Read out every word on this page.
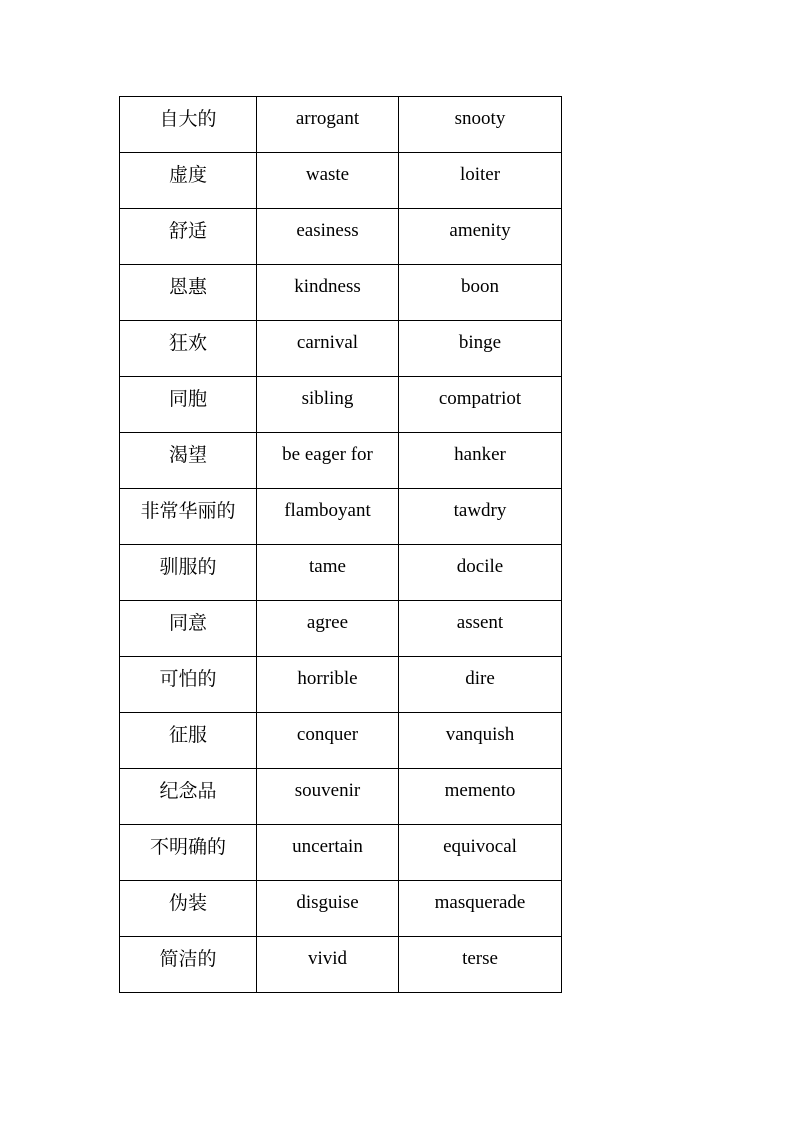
自大的	arrogant	snooty

虚度	waste	loiter

舒适	easiness	amenity

恩惠	kindness	boon

狂欢	carnival	binge

同胞	sibling	compatriot

渴望	be eager for	hanker

非常华丽的	flamboyant	tawdry

驯服的	tame	docile

同意	agree	assent

可怕的	horrible	dire

征服	conquer	vanquish

纪念品	souvenir	memento

不明确的	uncertain	equivocal

伪装	disguise	masquerade

简洁的	vivid	terse
